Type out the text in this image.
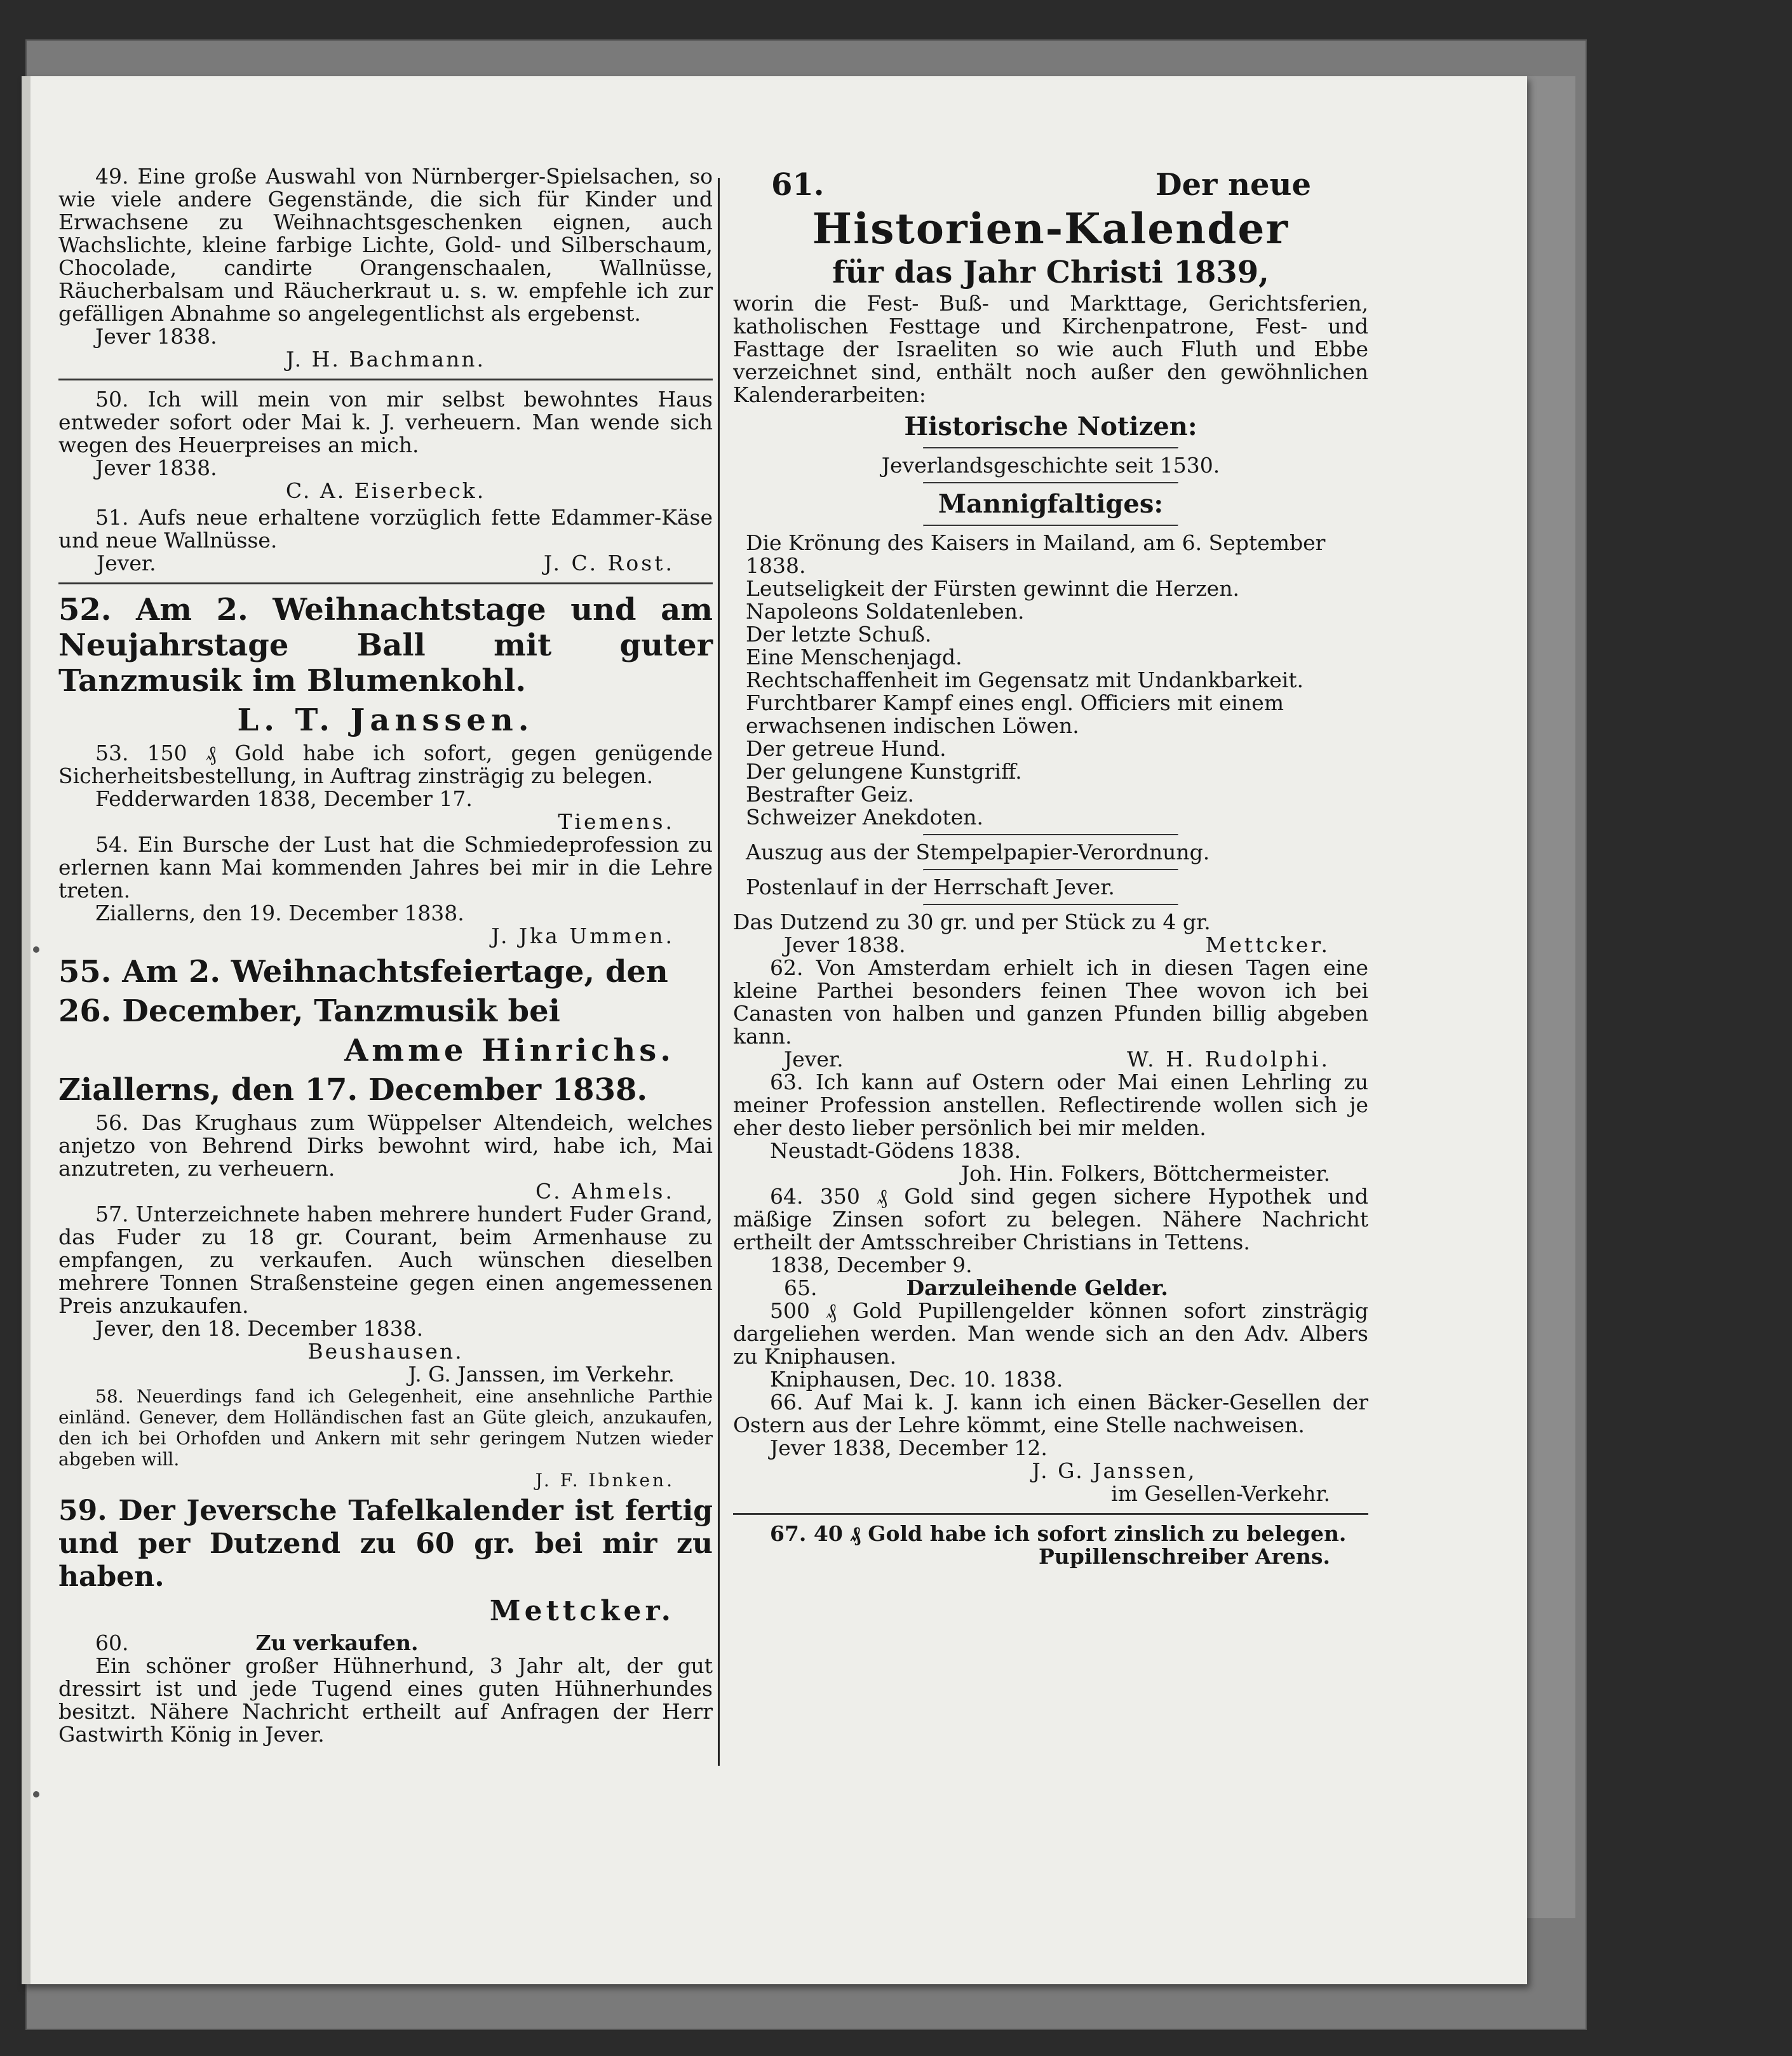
49. Eine große Auswahl von Nürnberger-Spielsachen, so wie viele andere Gegenstände, die sich für Kinder und Erwachsene zu Weihnachtsgeschenken eignen, auch Wachslichte, kleine farbige Lichte, Gold- und Silberschaum, Chocolade, candirte Orangenschaalen, Wallnüsse, Räucherbalsam und Räucherkraut u. s. w. empfehle ich zur gefälligen Abnahme so angelegentlichst als ergebenst.

Jever 1838.

J. H. Bachmann.

50. Ich will mein von mir selbst bewohntes Haus entweder sofort oder Mai k. J. verheuern. Man wende sich wegen des Heuerpreises an mich.

Jever 1838.

C. A. Eiserbeck.

51. Aufs neue erhaltene vorzüglich fette Edammer-Käse und neue Wallnüsse.

Jever.	J. C. Rost.

52. Am 2. Weihnachtstage und am Neujahrstage Ball mit guter Tanzmusik im Blumenkohl.

L. T. Janssen.

53. 150 ₰ Gold habe ich sofort, gegen genügende Sicherheitsbestellung, in Auftrag zinsträgig zu belegen.

Fedderwarden 1838, December 17.

Tiemens.

54. Ein Bursche der Lust hat die Schmiedeprofession zu erlernen kann Mai kommenden Jahres bei mir in die Lehre treten.

Ziallerns, den 19. December 1838.

J. Jka Ummen.

55. Am 2. Weihnachtsfeiertage, den

26. December, Tanzmusik bei

Amme Hinrichs.

Ziallerns, den 17. December 1838.

56. Das Krughaus zum Wüppelser Altendeich, welches anjetzo von Behrend Dirks bewohnt wird, habe ich, Mai anzutreten, zu verheuern.

C. Ahmels.

57. Unterzeichnete haben mehrere hundert Fuder Grand, das Fuder zu 18 gr. Courant, beim Armenhause zu empfangen, zu verkaufen. Auch wünschen dieselben mehrere Tonnen Straßensteine gegen einen angemessenen Preis anzukaufen.

Jever, den 18. December 1838.

Beushausen.

J. G. Janssen, im Verkehr.

58. Neuerdings fand ich Gelegenheit, eine ansehnliche Parthie einländ. Genever, dem Holländischen fast an Güte gleich, anzukaufen, den ich bei Orhofden und Ankern mit sehr geringem Nutzen wieder abgeben will.

J. F. Ibnken.

59. Der Jeversche Tafelkalender ist fertig und per Dutzend zu 60 gr. bei mir zu haben.

Mettcker.

60.	Zu verkaufen.

Ein schöner großer Hühnerhund, 3 Jahr alt, der gut dressirt ist und jede Tugend eines guten Hühnerhundes besitzt. Nähere Nachricht ertheilt auf Anfragen der Herr Gastwirth König in Jever.

61.	Der neue

Historien-Kalender

für das Jahr Christi 1839,

worin die Fest- Buß- und Markttage, Gerichtsferien, katholischen Festtage und Kirchenpatrone, Fest- und Fasttage der Israeliten so wie auch Fluth und Ebbe verzeichnet sind, enthält noch außer den gewöhnlichen Kalenderarbeiten:

Historische Notizen:

Jeverlandsgeschichte seit 1530.

Mannigfaltiges:

Die Krönung des Kaisers in Mailand, am 6. September 1838.

Leutseligkeit der Fürsten gewinnt die Herzen.

Napoleons Soldatenleben.

Der letzte Schuß.

Eine Menschenjagd.

Rechtschaffenheit im Gegensatz mit Undankbarkeit.

Furchtbarer Kampf eines engl. Officiers mit einem erwachsenen indischen Löwen.

Der getreue Hund.

Der gelungene Kunstgriff.

Bestrafter Geiz.

Schweizer Anekdoten.

Auszug aus der Stempelpapier-Verordnung.

Postenlauf in der Herrschaft Jever.

Das Dutzend zu 30 gr. und per Stück zu 4 gr.

Jever 1838.	Mettcker.

62. Von Amsterdam erhielt ich in diesen Tagen eine kleine Parthei besonders feinen Thee wovon ich bei Canasten von halben und ganzen Pfunden billig abgeben kann.

Jever.	W. H. Rudolphi.

63. Ich kann auf Ostern oder Mai einen Lehrling zu meiner Profession anstellen. Reflectirende wollen sich je eher desto lieber persönlich bei mir melden.

Neustadt-Gödens 1838.

Joh. Hin. Folkers, Böttchermeister.

64. 350 ₰ Gold sind gegen sichere Hypothek und mäßige Zinsen sofort zu belegen. Nähere Nachricht ertheilt der Amtsschreiber Christians in Tettens.

1838, December 9.

65.	Darzuleihende Gelder.

500 ₰ Gold Pupillengelder können sofort zinsträgig dargeliehen werden. Man wende sich an den Adv. Albers zu Kniphausen.

Kniphausen, Dec. 10. 1838.

66. Auf Mai k. J. kann ich einen Bäcker-Gesellen der Ostern aus der Lehre kömmt, eine Stelle nachweisen.

Jever 1838, December 12.

J. G. Janssen,

im Gesellen-Verkehr.

67. 40 ₰ Gold habe ich sofort zinslich zu belegen.

Pupillenschreiber Arens.
